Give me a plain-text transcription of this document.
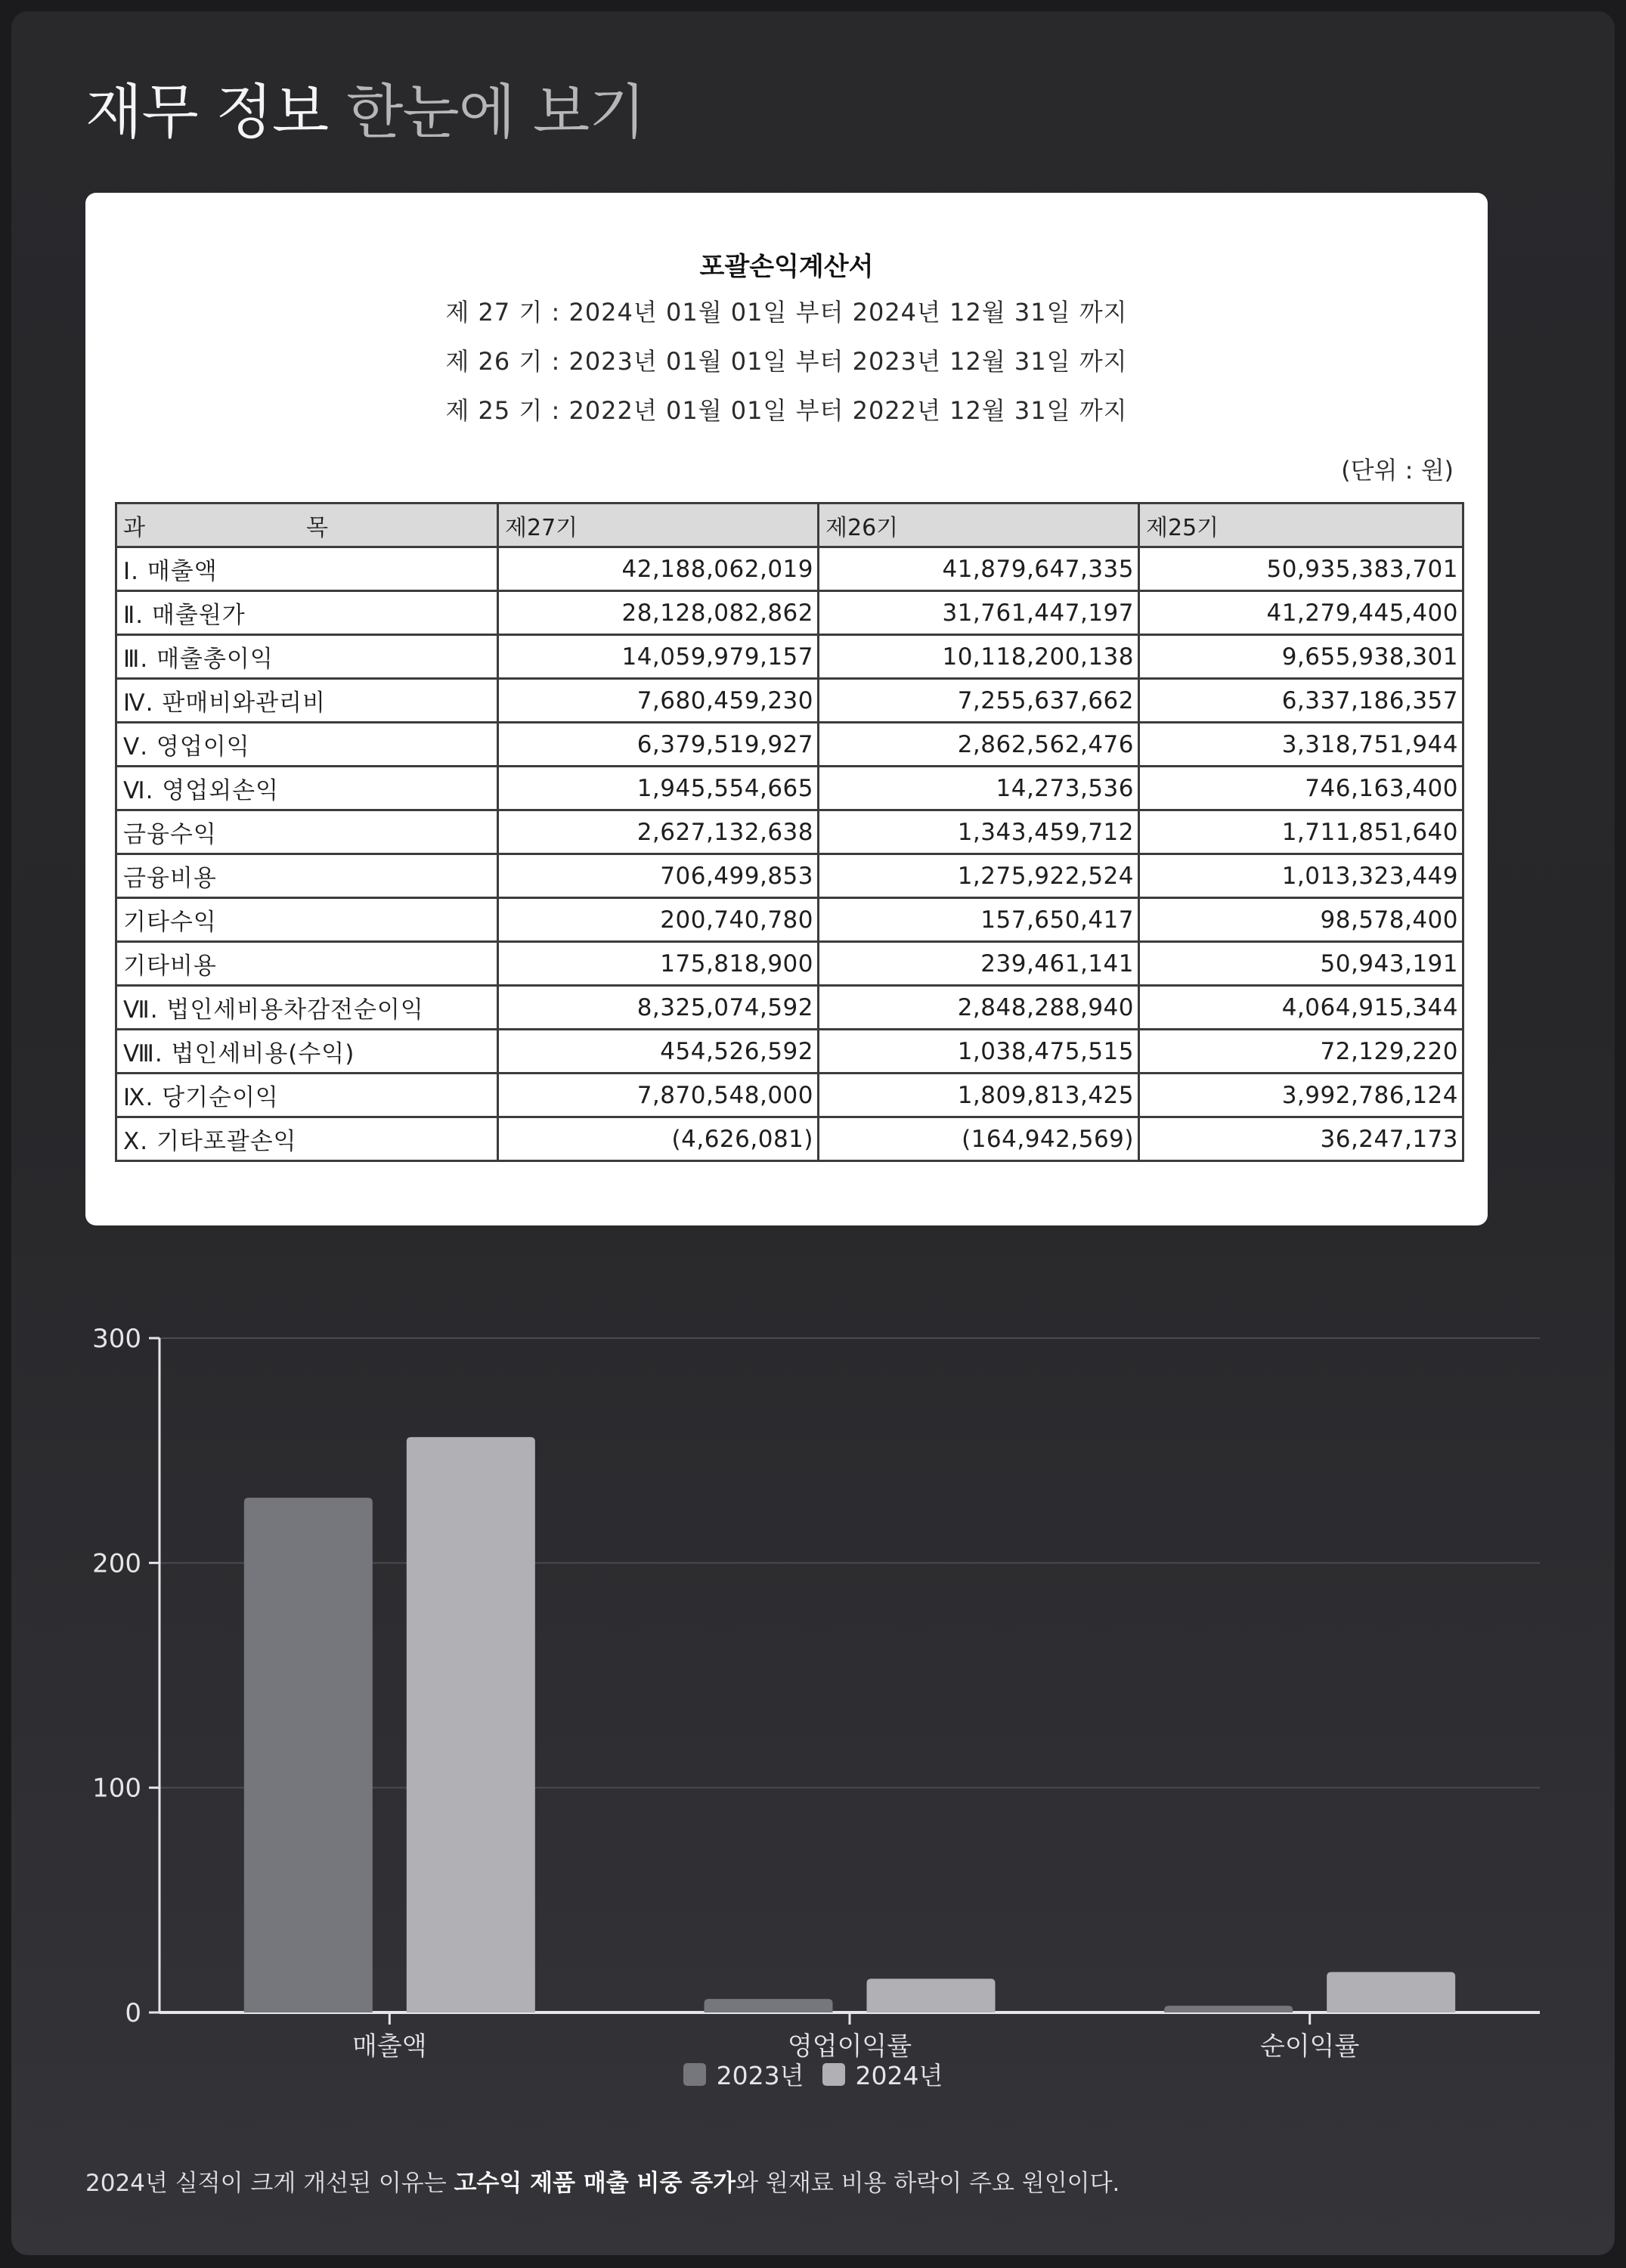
재무 정보 한눈에 보기
포괄손익계산서
제 27 기 : 2024년 01월 01일 부터 2024년 12월 31일 까지
제 26 기 : 2023년 01월 01일 부터 2023년 12월 31일 까지
제 25 기 : 2022년 01월 01일 부터 2022년 12월 31일 까지
(단위 : 원)
과 목	제27기	제26기	제25기
Ⅰ. 매출액	42,188,062,019	41,879,647,335	50,935,383,701
Ⅱ. 매출원가	28,128,082,862	31,761,447,197	41,279,445,400
Ⅲ. 매출총이익	14,059,979,157	10,118,200,138	9,655,938,301
Ⅳ. 판매비와관리비	7,680,459,230	7,255,637,662	6,337,186,357
Ⅴ. 영업이익	6,379,519,927	2,862,562,476	3,318,751,944
Ⅵ. 영업외손익	1,945,554,665	14,273,536	746,163,400
금융수익	2,627,132,638	1,343,459,712	1,711,851,640
금융비용	706,499,853	1,275,922,524	1,013,323,449
기타수익	200,740,780	157,650,417	98,578,400
기타비용	175,818,900	239,461,141	50,943,191
Ⅶ. 법인세비용차감전순이익	8,325,074,592	2,848,288,940	4,064,915,344
Ⅷ. 법인세비용(수익)	454,526,592	1,038,475,515	72,129,220
Ⅸ. 당기순이익	7,870,548,000	1,809,813,425	3,992,786,124
Ⅹ. 기타포괄손익	(4,626,081)	(164,942,569)	36,247,173
0
100
200
300
매출액	영업이익률	순이익률
2023년 2024년
2024년 실적이 크게 개선된 이유는 고수익 제품 매출 비중 증가와 원재료 비용 하락이 주요 원인이다.
